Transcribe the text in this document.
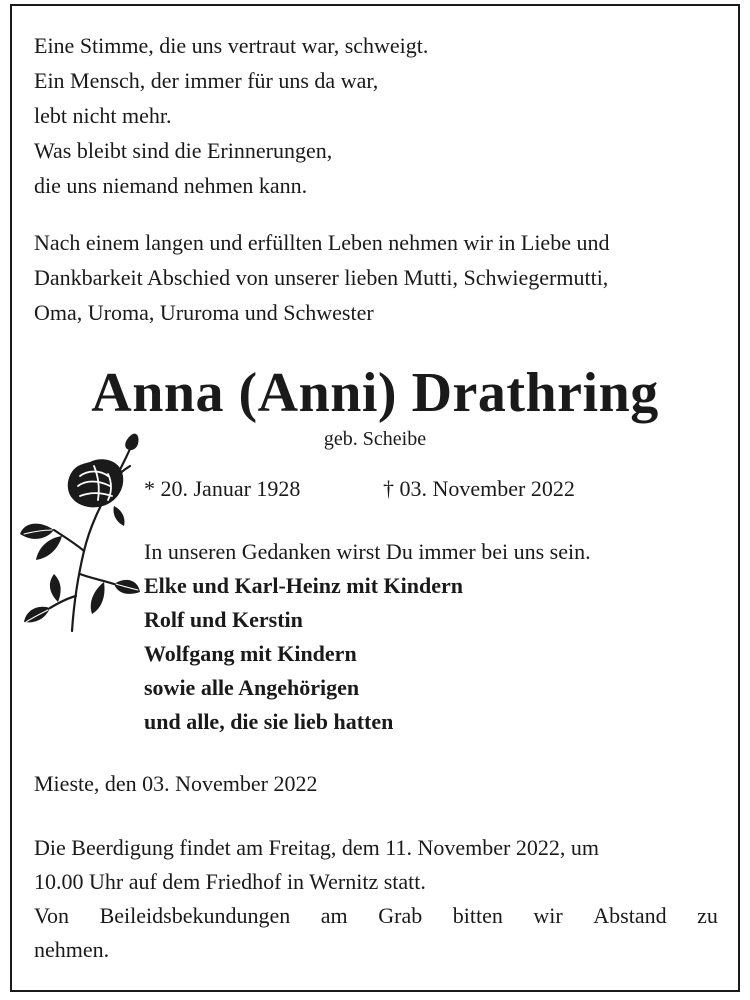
Eine Stimme, die uns vertraut war, schweigt.
Ein Mensch, der immer für uns da war,
lebt nicht mehr.
Was bleibt sind die Erinnerungen,
die uns niemand nehmen kann.
Nach einem langen und erfüllten Leben nehmen wir in Liebe und
Dankbarkeit Abschied von unserer lieben Mutti, Schwiegermutti,
Oma, Uroma, Ururoma und Schwester
Anna (Anni) Drathring
geb. Scheibe
* 20. Januar 1928	† 03. November 2022
In unseren Gedanken wirst Du immer bei uns sein.
Elke und Karl-Heinz mit Kindern
Rolf und Kerstin
Wolfgang mit Kindern
sowie alle Angehörigen
und alle, die sie lieb hatten
Mieste, den 03. November 2022
Die Beerdigung findet am Freitag, dem 11. November 2022, um
10.00 Uhr auf dem Friedhof in Wernitz statt.
Von Beileidsbekundungen am Grab bitten wir Abstand zu
nehmen.
